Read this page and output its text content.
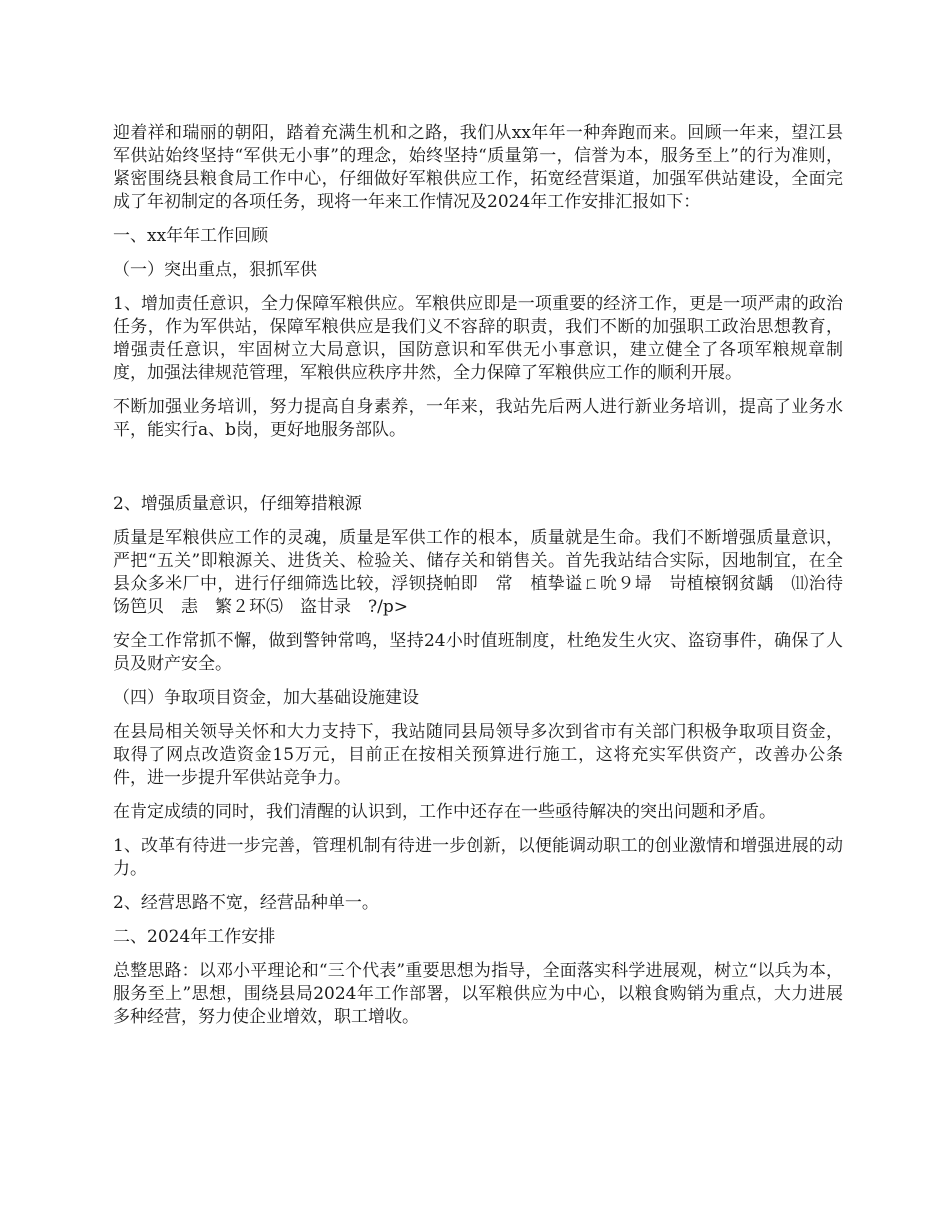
迎着祥和瑞丽的朝阳，踏着充满生机和之路，我们从xx年年一种奔跑而来。回顾一年来，望江县军供站始终坚持“军供无小事”的理念，始终坚持“质量第一，信誉为本，服务至上”的行为准则，紧密围绕县粮食局工作中心，仔细做好军粮供应工作，拓宽经营渠道，加强军供站建设，全面完成了年初制定的各项任务，现将一年来工作情况及2024年工作安排汇报如下：

一、xx年年工作回顾

（一）突出重点，狠抓军供

1、增加责任意识，全力保障军粮供应。军粮供应即是一项重要的经济工作，更是一项严肃的政治任务，作为军供站，保障军粮供应是我们义不容辞的职责，我们不断的加强职工政治思想教育，增强责任意识，牢固树立大局意识，国防意识和军供无小事意识，建立健全了各项军粮规章制度，加强法律规范管理，军粮供应秩序井然，全力保障了军粮供应工作的顺利开展。

不断加强业务培训，努力提高自身素养，一年来，我站先后两人进行新业务培训，提高了业务水平，能实行a、b岗，更好地服务部队。

2、增强质量意识，仔细筹措粮源

质量是军粮供应工作的灵魂，质量是军供工作的根本，质量就是生命。我们不断增强质量意识，严把“五关”即粮源关、进货关、检验关、储存关和销售关。首先我站结合实际，因地制宜，在全县众多米厂中，进行仔细筛选比较，浮钡挠帕即　常　植挚谥ㄈ吮９埽　岢植榱钢贫龋　⑾治待饧笆贝　恚　繁２环⑸　盗甘录　?/p>

安全工作常抓不懈，做到警钟常鸣，坚持24小时值班制度，杜绝发生火灾、盗窃事件，确保了人员及财产安全。

（四）争取项目资金，加大基础设施建设

在县局相关领导关怀和大力支持下，我站随同县局领导多次到省市有关部门积极争取项目资金，取得了网点改造资金15万元，目前正在按相关预算进行施工，这将充实军供资产，改善办公条件，进一步提升军供站竞争力。

在肯定成绩的同时，我们清醒的认识到，工作中还存在一些亟待解决的突出问题和矛盾。

1、改革有待进一步完善，管理机制有待进一步创新，以便能调动职工的创业激情和增强进展的动力。

2、经营思路不宽，经营品种单一。

二、2024年工作安排

总整思路：以邓小平理论和“三个代表”重要思想为指导，全面落实科学进展观，树立“以兵为本，服务至上”思想，围绕县局2024年工作部署，以军粮供应为中心，以粮食购销为重点，大力进展多种经营，努力使企业增效，职工增收。
